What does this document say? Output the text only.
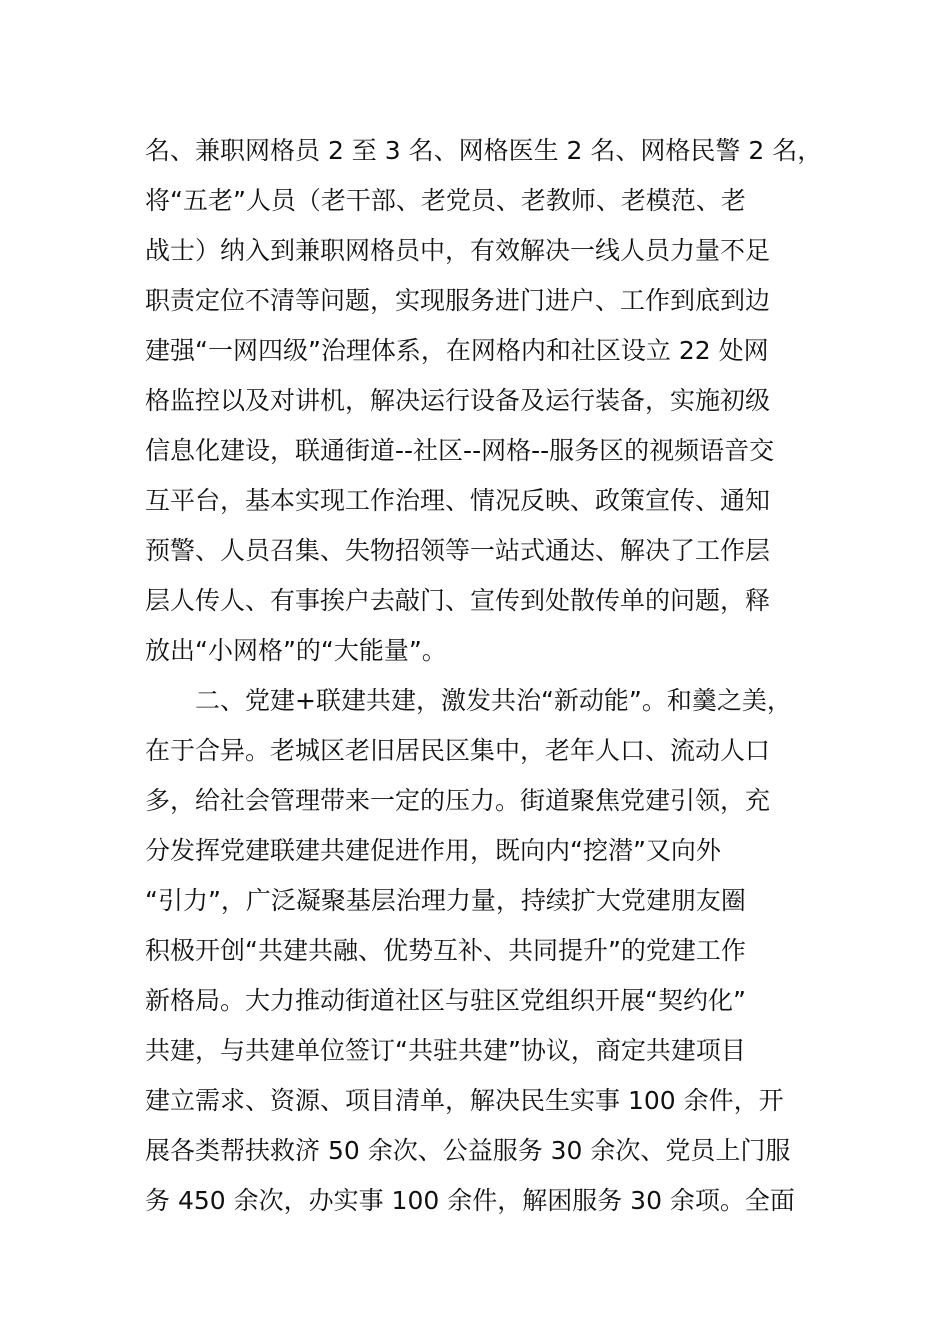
名、兼职网格员 2 至 3 名、网格医生 2 名、网格民警 2 名，
将“五老”人员（老干部、老党员、老教师、老模范、老
战士）纳入到兼职网格员中，有效解决一线人员力量不足
职责定位不清等问题，实现服务进门进户、工作到底到边
建强“一网四级”治理体系，在网格内和社区设立 22 处网
格监控以及对讲机，解决运行设备及运行装备，实施初级
信息化建设，联通街道--社区--网格--服务区的视频语音交
互平台，基本实现工作治理、情况反映、政策宣传、通知
预警、人员召集、失物招领等一站式通达、解决了工作层
层人传人、有事挨户去敲门、宣传到处散传单的问题，释
放出“小网格”的“大能量”。
二、党建+联建共建，激发共治“新动能”。和羹之美，
在于合异。老城区老旧居民区集中，老年人口、流动人口
多，给社会管理带来一定的压力。街道聚焦党建引领，充
分发挥党建联建共建促进作用，既向内“挖潜”又向外
“引力”，广泛凝聚基层治理力量，持续扩大党建朋友圈
积极开创“共建共融、优势互补、共同提升”的党建工作
新格局。大力推动街道社区与驻区党组织开展“契约化”
共建，与共建单位签订“共驻共建”协议，商定共建项目
建立需求、资源、项目清单，解决民生实事 100 余件，开
展各类帮扶救济 50 余次、公益服务 30 余次、党员上门服
务 450 余次，办实事 100 余件，解困服务 30 余项。全面
